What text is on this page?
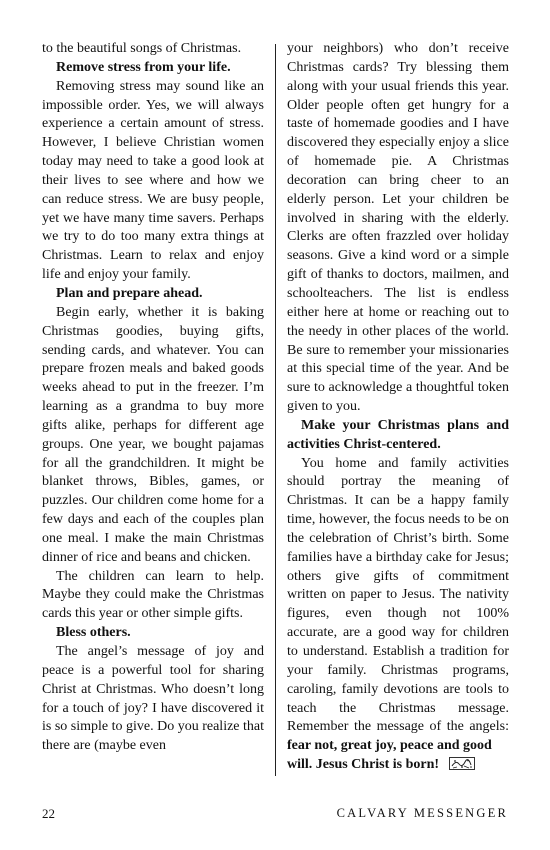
to the beautiful songs of Christmas.

Remove stress from your life.

Removing stress may sound like an impossible order. Yes, we will always experience a certain amount of stress. However, I believe Christian women today may need to take a good look at their lives to see where and how we can reduce stress. We are busy people, yet we have many time savers. Perhaps we try to do too many extra things at Christmas. Learn to relax and enjoy life and enjoy your family.

Plan and prepare ahead.

Begin early, whether it is baking Christmas goodies, buying gifts, sending cards, and whatever. You can prepare frozen meals and baked goods weeks ahead to put in the freezer. I’m learning as a grandma to buy more gifts alike, perhaps for different age groups. One year, we bought pajamas for all the grandchildren. It might be blanket throws, Bibles, games, or puzzles. Our children come home for a few days and each of the couples plan one meal. I make the main Christmas dinner of rice and beans and chicken.

The children can learn to help. Maybe they could make the Christmas cards this year or other simple gifts.

Bless others.

The angel’s message of joy and peace is a powerful tool for sharing Christ at Christmas. Who doesn’t long for a touch of joy? I have discovered it is so simple to give. Do you realize that there are (maybe even

your neighbors) who don’t receive Christmas cards? Try blessing them along with your usual friends this year. Older people often get hungry for a taste of homemade goodies and I have discovered they especially enjoy a slice of homemade pie. A Christmas decoration can bring cheer to an elderly person. Let your children be involved in sharing with the elderly. Clerks are often frazzled over holiday seasons. Give a kind word or a simple gift of thanks to doctors, mailmen, and schoolteachers. The list is endless either here at home or reaching out to the needy in other places of the world. Be sure to remember your missionaries at this special time of the year. And be sure to acknowledge a thoughtful token given to you.

Make your Christmas plans and activities Christ-centered.

You home and family activities should portray the meaning of Christmas. It can be a happy family time, however, the focus needs to be on the celebration of Christ’s birth. Some families have a birthday cake for Jesus; others give gifts of commitment written on paper to Jesus. The nativity figures, even though not 100% accurate, are a good way for children to understand. Establish a tradition for your family. Christmas programs, caroling, family devotions are tools to teach the Christmas message. Remember the message of the angels: fear not, great joy, peace and good

will. Jesus Christ is born!

22	CALVARY MESSENGER
